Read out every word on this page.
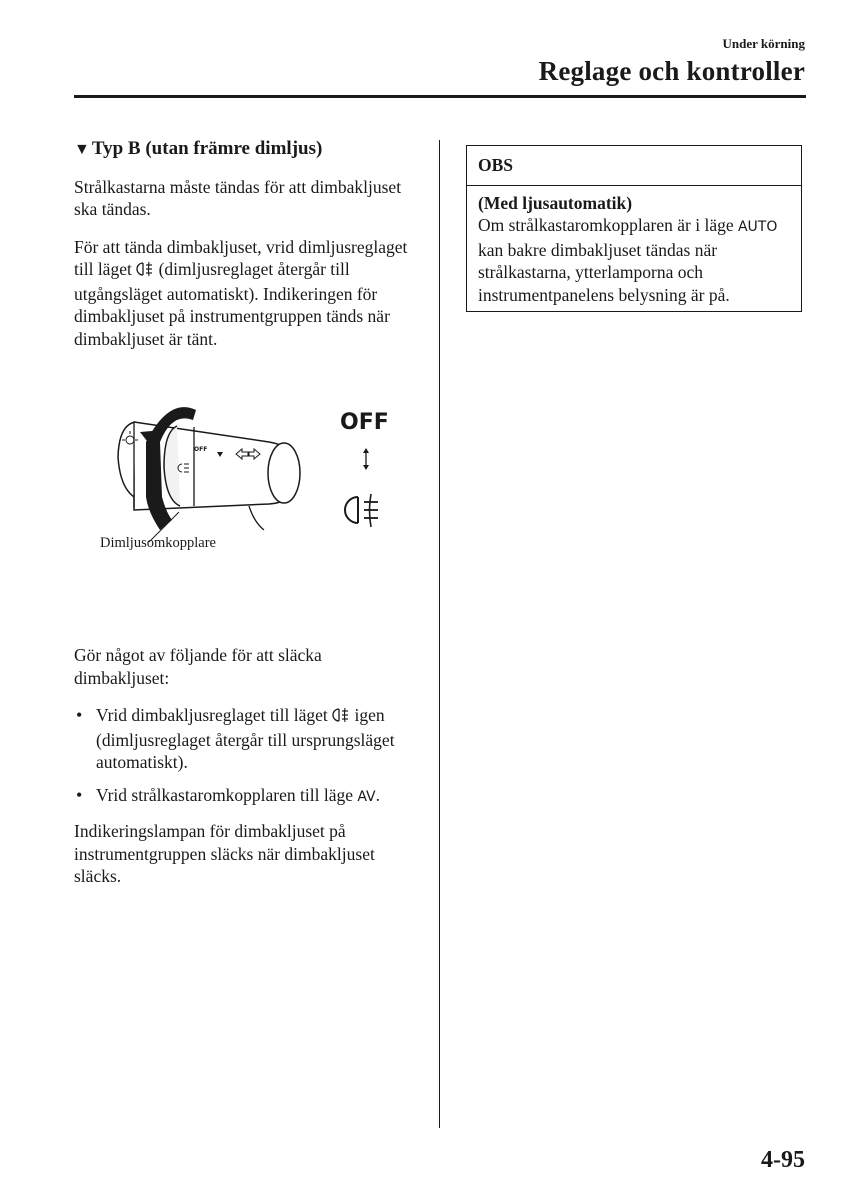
Under körning
Reglage och kontroller
▼ Typ B (utan främre dimljus)

Strålkastarna måste tändas för att dimbakljuset ska tändas.

För att tända dimbakljuset, vrid dimljusreglaget till läget (dimljusreglaget återgår till utgångsläget automatiskt). Indikeringen för dimbakljuset på instrumentgruppen tänds när dimbakljuset är tänt.

OFF
A
OFF
Dimljusomkopplare

Gör något av följande för att släcka dimbakljuset:

• Vrid dimbakljusreglaget till läget igen (dimljusreglaget återgår till ursprungsläget automatiskt).
• Vrid strålkastaromkopplaren till läge AV.

Indikeringslampan för dimbakljuset på instrumentgruppen släcks när dimbakljuset släcks.

OBS
(Med ljusautomatik)
Om strålkastaromkopplaren är i läge AUTO kan bakre dimbakljuset tändas när strålkastarna, ytterlamporna och instrumentpanelens belysning är på.
4-95
